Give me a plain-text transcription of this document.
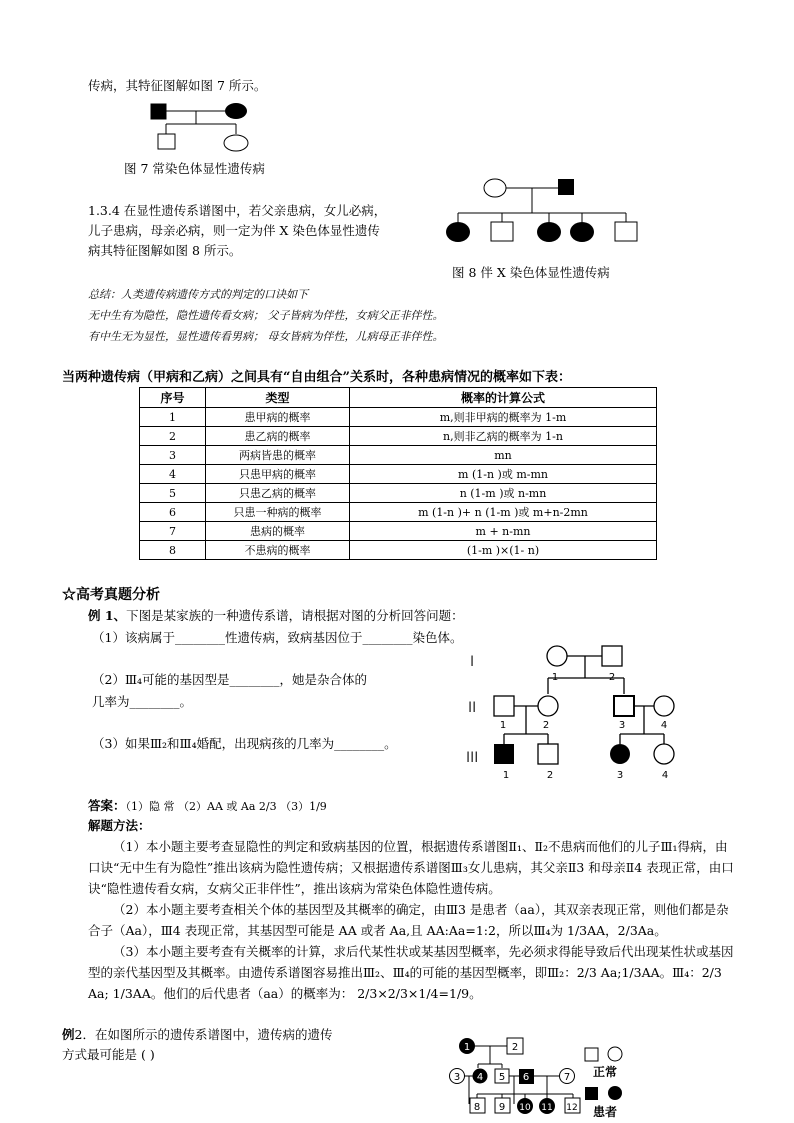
传病，其特征图解如图 7 所示。
图 7 常染色体显性遗传病
1.3.4 在显性遗传系谱图中，若父亲患病，女儿必病，
儿子患病，母亲必病，则一定为伴 X 染色体显性遗传
病其特征图解如图 8 所示。
图 8 伴 X 染色体显性遗传病
总结：人类遗传病遗传方式的判定的口诀如下
无中生有为隐性，隐性遗传看女病； 父子皆病为伴性，女病父正非伴性。
有中生无为显性，显性遗传看男病； 母女皆病为伴性，儿病母正非伴性。
当两种遗传病（甲病和乙病）之间具有“自由组合”关系时，各种患病情况的概率如下表：
序号	类型	概率的计算公式
1	患甲病的概率	m,则非甲病的概率为 1-m
2	患乙病的概率	n,则非乙病的概率为 1-n
3	两病皆患的概率	mn
4	只患甲病的概率	m (1-n )或 m-mn
5	只患乙病的概率	n (1-m )或 n-mn
6	只患一种病的概率	m (1-n )+ n (1-m )或 m+n-2mn
7	患病的概率	m + n-mn
8	不患病的概率	(1-m )×(1- n)
☆高考真题分析
例 1、下图是某家族的一种遗传系谱，请根据对图的分析回答问题：
（1）该病属于________性遗传病，致病基因位于________染色体。
（2）Ⅲ₄可能的基因型是________，她是杂合体的
几率为________。
（3）如果Ⅲ₂和Ⅲ₄婚配，出现病孩的几率为________。
I
II
III
1	2
1	2	3	4
1	2	3	4
答案：（1）隐 常 （2）AA 或 Aa 2/3 （3）1/9
解题方法：
（1）本小题主要考查显隐性的判定和致病基因的位置，根据遗传系谱图Ⅱ₁、Ⅱ₂不患病而他们的儿子Ⅲ₁得病，由口诀“无中生有为隐性”推出该病为隐性遗传病；又根据遗传系谱图Ⅲ₃女儿患病，其父亲Ⅱ3 和母亲Ⅱ4 表现正常，由口诀“隐性遗传看女病，女病父正非伴性”，推出该病为常染色体隐性遗传病。
（2）本小题主要考查相关个体的基因型及其概率的确定，由Ⅲ3 是患者（aa），其双亲表现正常，则他们都是杂合子（Aa），Ⅲ4 表现正常，其基因型可能是 AA 或者 Aa,且 AA:Aa=1:2，所以Ⅲ₄为 1/3AA，2/3Aa。
（3）本小题主要考查有关概率的计算，求后代某性状或某基因型概率，先必须求得能导致后代出现某性状或基因型的亲代基因型及其概率。由遗传系谱图容易推出Ⅲ₂、Ⅲ₄的可能的基因型概率，即Ⅲ₂：2/3 Aa;1/3AA。Ⅲ₄：2/3 Aa; 1/3AA。他们的后代患者（aa）的概率为： 2/3×2/3×1/4=1/9。
例2．在如图所示的遗传系谱图中，遗传病的遗传
方式最可能是 ( )	1	2
3 4 5 6	7
8 9 10 11 12
正常
患者
